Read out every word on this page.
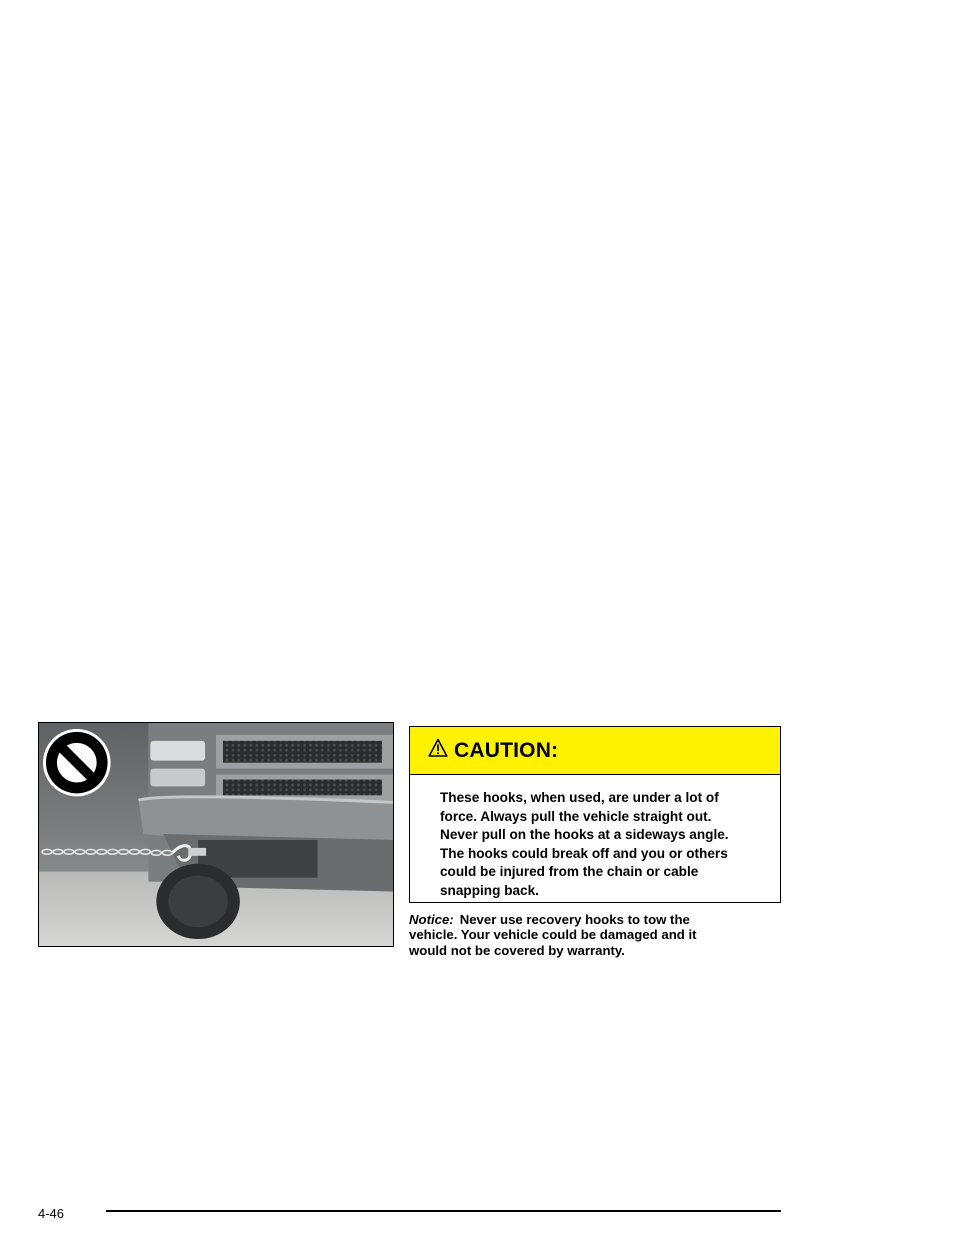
CAUTION:
These hooks, when used, are under a lot of
force. Always pull the vehicle straight out.
Never pull on the hooks at a sideways angle.
The hooks could break off and you or others
could be injured from the chain or cable
snapping back.
Notice: Never use recovery hooks to tow the
vehicle. Your vehicle could be damaged and it
would not be covered by warranty.
4-46
